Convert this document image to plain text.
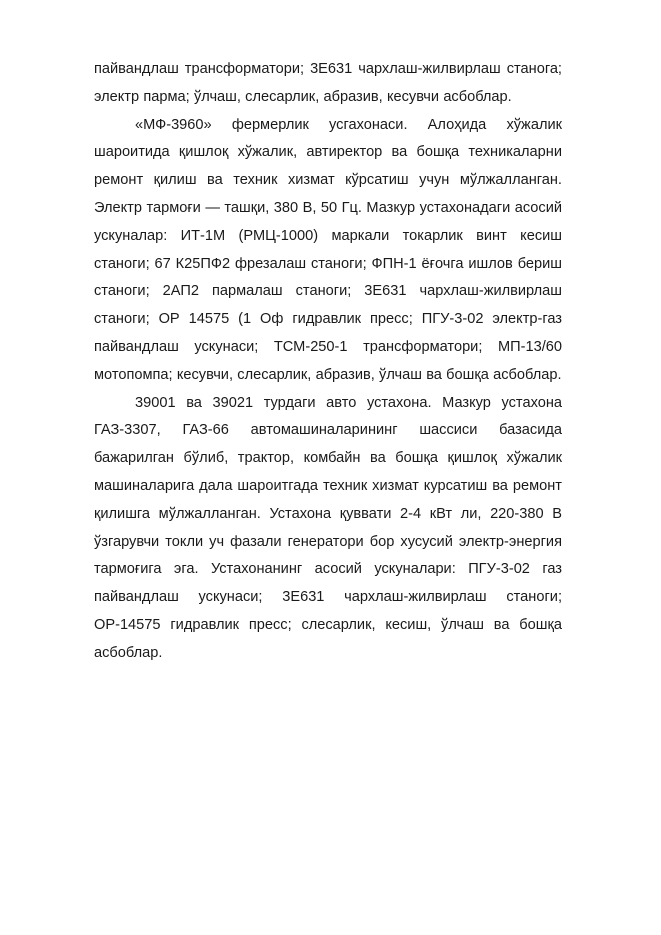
пайвандлаш трансформатори; 3Е631 чархлаш-жилвирлаш станога; электр парма; ўлчаш, слесарлик, абразив, кесувчи асбоблар.

«МФ-3960» фермерлик усгахонаси. Алоҳида хўжалик шароитида қишлоқ хўжалик, автиректор ва бошқа техникаларни ремонт қилиш ва техник хизмат кўрсатиш учун мўлжалланган. Электр тармоғи — ташқи, 380 В, 50 Гц. Мазкур устахонадаги асосий ускуналар: ИТ-1М (РМЦ-1000) маркали токарлик винт кесиш станоги; 67 К25ПФ2 фрезалаш станоги; ФПН-1 ёғочга ишлов бериш станоги; 2АП2 пармалаш станоги; 3Е631 чархлаш-жилвирлаш станоги; ОР 14575 (1 Оф гидравлик пресс; ПГУ-3-02 электр-газ пайвандлаш ускунаси; ТСМ-250-1 трансформатори; МП-13/60 мотопомпа; кесувчи, слесарлик, абразив, ўлчаш ва бошқа асбоблар.

39001 ва 39021 турдаги авто устахона. Мазкур устахона ГАЗ-3307, ГАЗ-66 автомашиналарининг шассиси базасида бажарилган бўлиб, трактор, комбайн ва бошқа қишлоқ хўжалик машиналарига дала шароитгада техник хизмат курсатиш ва ремонт қилишга мўлжалланган. Устахона қуввати 2-4 кВт ли, 220-380 В ўзгарувчи токли уч фазали генератори бор хусусий электр-энергия тармоғига эга. Устахонанинг асосий ускуналари: ПГУ-3-02 газ пайвандлаш ускунаси; 3Е631 чархлаш-жилвирлаш станоги; ОР-14575 гидравлик пресс; слесарлик, кесиш, ўлчаш ва бошқа асбоблар.
